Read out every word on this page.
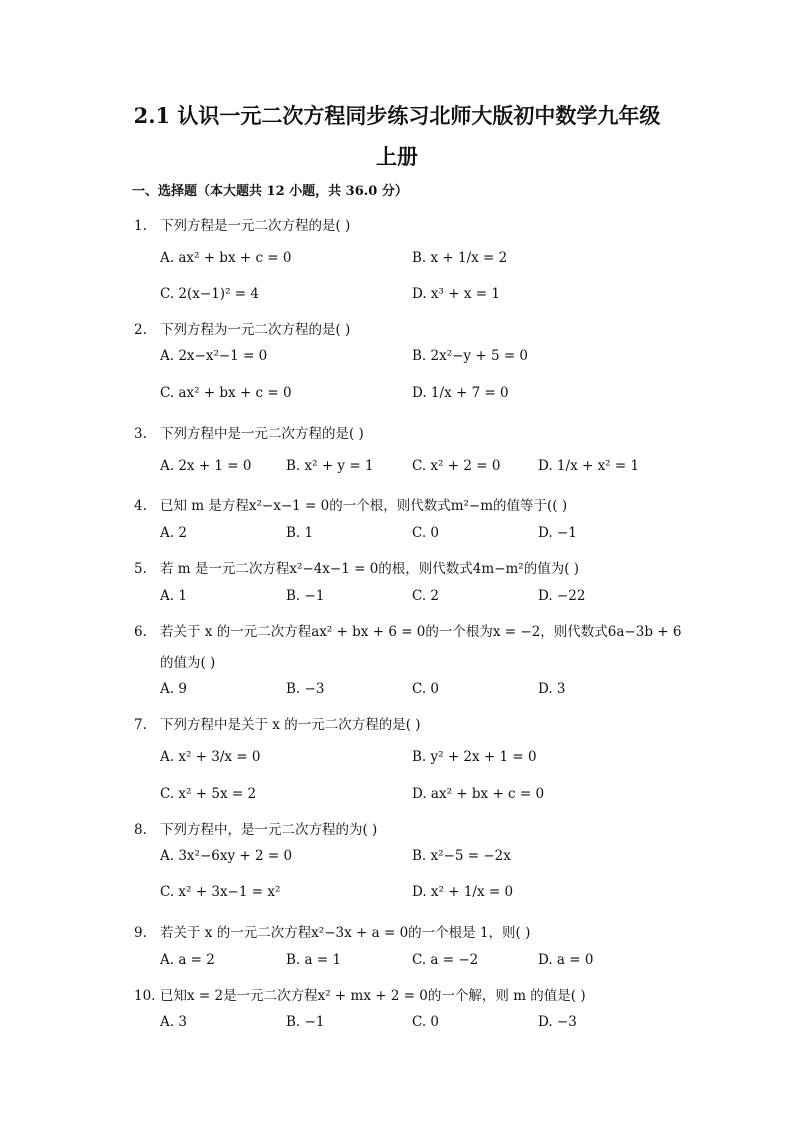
2.1 认识一元二次方程同步练习北师大版初中数学九年级
上册
一、选择题（本大题共 12 小题，共 36.0 分）
1. 下列方程是一元二次方程的是( )
A. ax² + bx + c = 0	B. x + 1/x = 2
C. 2(x−1)² = 4	D. x³ + x = 1
2. 下列方程为一元二次方程的是( )
A. 2x−x²−1 = 0	B. 2x²−y + 5 = 0
C. ax² + bx + c = 0	D. 1/x + 7 = 0
3. 下列方程中是一元二次方程的是( )
A. 2x + 1 = 0	B. x² + y = 1	C. x² + 2 = 0	D. 1/x + x² = 1
4. 已知 m 是方程x²−x−1 = 0的一个根，则代数式m²−m的值等于(( )
A. 2	B. 1	C. 0	D. −1
5. 若 m 是一元二次方程x²−4x−1 = 0的根，则代数式4m−m²的值为( )
A. 1	B. −1	C. 2	D. −22
6. 若关于 x 的一元二次方程ax² + bx + 6 = 0的一个根为x = −2，则代数式6a−3b + 6
的值为( )
A. 9	B. −3	C. 0	D. 3
7. 下列方程中是关于 x 的一元二次方程的是( )
A. x² + 3/x = 0	B. y² + 2x + 1 = 0
C. x² + 5x = 2	D. ax² + bx + c = 0
8. 下列方程中，是一元二次方程的为( )
A. 3x²−6xy + 2 = 0	B. x²−5 = −2x
C. x² + 3x−1 = x²	D. x² + 1/x = 0
9. 若关于 x 的一元二次方程x²−3x + a = 0的一个根是 1，则( )
A. a = 2	B. a = 1	C. a = −2	D. a = 0
10. 已知x = 2是一元二次方程x² + mx + 2 = 0的一个解，则 m 的值是( )
A. 3	B. −1	C. 0	D. −3
